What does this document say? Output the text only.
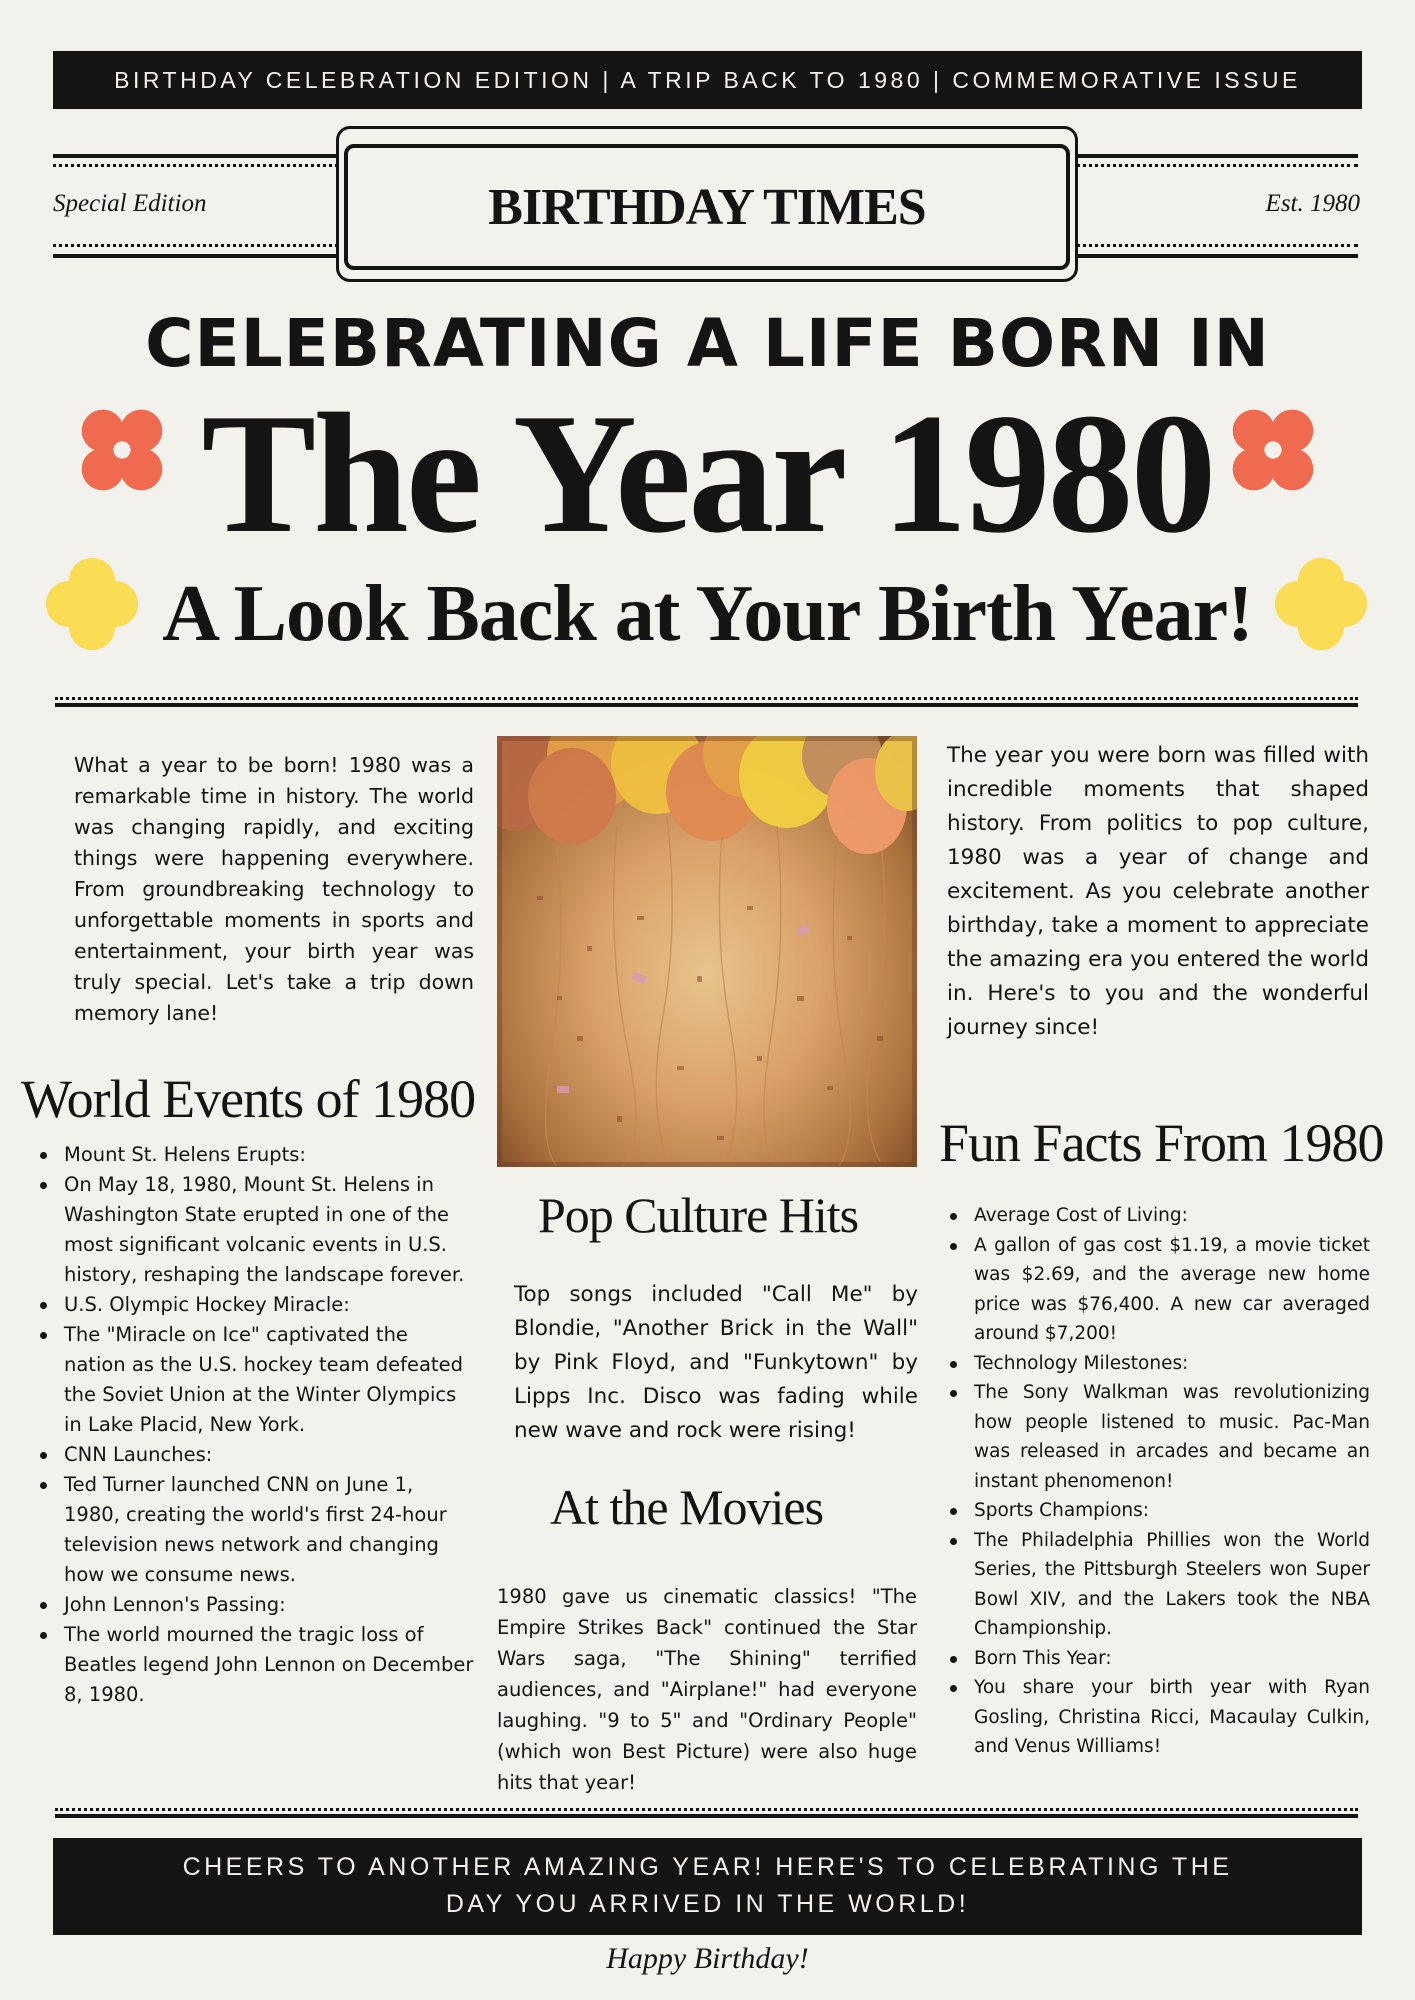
BIRTHDAY CELEBRATION EDITION | A TRIP BACK TO 1980 | COMMEMORATIVE ISSUE
Special Edition	Est. 1980
BIRTHDAY TIMES
CELEBRATING A LIFE BORN IN
The Year 1980
A Look Back at Your Birth Year!
What a year to be born! 1980 was a remarkable time in history. The world was changing rapidly, and exciting things were happening everywhere. From groundbreaking technology to unforgettable moments in sports and entertainment, your birth year was truly special. Let's take a trip down memory lane!
The year you were born was filled with incredible moments that shaped history. From politics to pop culture, 1980 was a year of change and excitement. As you celebrate another birthday, take a moment to appreciate the amazing era you entered the world in. Here's to you and the wonderful journey since!
World Events of 1980
Mount St. Helens Erupts:
On May 18, 1980, Mount St. Helens in Washington State erupted in one of the most significant volcanic events in U.S. history, reshaping the landscape forever.
U.S. Olympic Hockey Miracle:
The "Miracle on Ice" captivated the nation as the U.S. hockey team defeated the Soviet Union at the Winter Olympics in Lake Placid, New York.
CNN Launches:
Ted Turner launched CNN on June 1, 1980, creating the world's first 24-hour television news network and changing how we consume news.
John Lennon's Passing:
The world mourned the tragic loss of Beatles legend John Lennon on December 8, 1980.
Pop Culture Hits
Top songs included "Call Me" by Blondie, "Another Brick in the Wall" by Pink Floyd, and "Funkytown" by Lipps Inc. Disco was fading while new wave and rock were rising!
At the Movies
1980 gave us cinematic classics! "The Empire Strikes Back" continued the Star Wars saga, "The Shining" terrified audiences, and "Airplane!" had everyone laughing. "9 to 5" and "Ordinary People" (which won Best Picture) were also huge hits that year!
Fun Facts From 1980
Average Cost of Living:
A gallon of gas cost $1.19, a movie ticket was $2.69, and the average new home price was $76,400. A new car averaged around $7,200!
Technology Milestones:
The Sony Walkman was revolutionizing how people listened to music. Pac-Man was released in arcades and became an instant phenomenon!
Sports Champions:
The Philadelphia Phillies won the World Series, the Pittsburgh Steelers won Super Bowl XIV, and the Lakers took the NBA Championship.
Born This Year:
You share your birth year with Ryan Gosling, Christina Ricci, Macaulay Culkin, and Venus Williams!
CHEERS TO ANOTHER AMAZING YEAR! HERE'S TO CELEBRATING THE
DAY YOU ARRIVED IN THE WORLD!
Happy Birthday!
